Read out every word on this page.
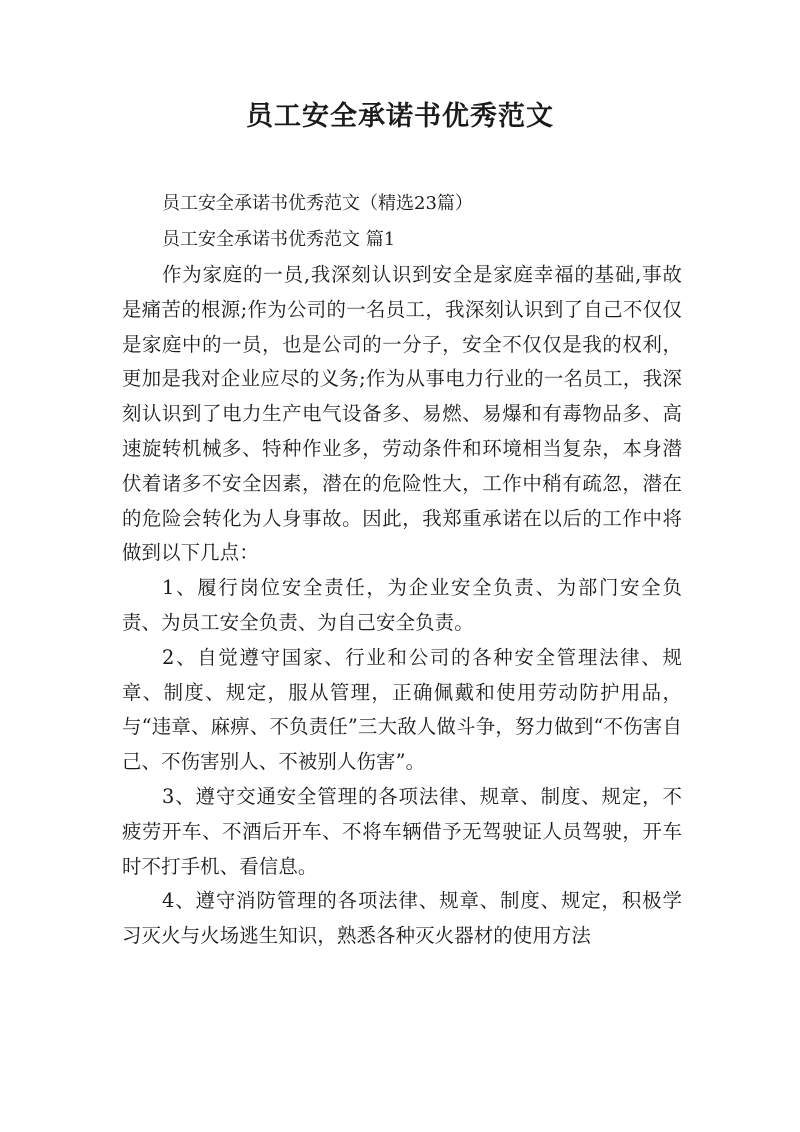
员工安全承诺书优秀范文

员工安全承诺书优秀范文（精选23篇）

员工安全承诺书优秀范文 篇1

作为家庭的一员,我深刻认识到安全是家庭幸福的基础,事故是痛苦的根源;作为公司的一名员工，我深刻认识到了自己不仅仅是家庭中的一员，也是公司的一分子，安全不仅仅是我的权利，更加是我对企业应尽的义务;作为从事电力行业的一名员工，我深刻认识到了电力生产电气设备多、易燃、易爆和有毒物品多、高速旋转机械多、特种作业多，劳动条件和环境相当复杂，本身潜伏着诸多不安全因素，潜在的危险性大，工作中稍有疏忽，潜在的危险会转化为人身事故。因此，我郑重承诺在以后的工作中将做到以下几点：

1、履行岗位安全责任，为企业安全负责、为部门安全负责、为员工安全负责、为自己安全负责。

2、自觉遵守国家、行业和公司的各种安全管理法律、规章、制度、规定，服从管理，正确佩戴和使用劳动防护用品，与“违章、麻痹、不负责任”三大敌人做斗争，努力做到“不伤害自己、不伤害别人、不被别人伤害”。

3、遵守交通安全管理的各项法律、规章、制度、规定，不疲劳开车、不酒后开车、不将车辆借予无驾驶证人员驾驶，开车时不打手机、看信息。

4、遵守消防管理的各项法律、规章、制度、规定，积极学习灭火与火场逃生知识，熟悉各种灭火器材的使用方法
